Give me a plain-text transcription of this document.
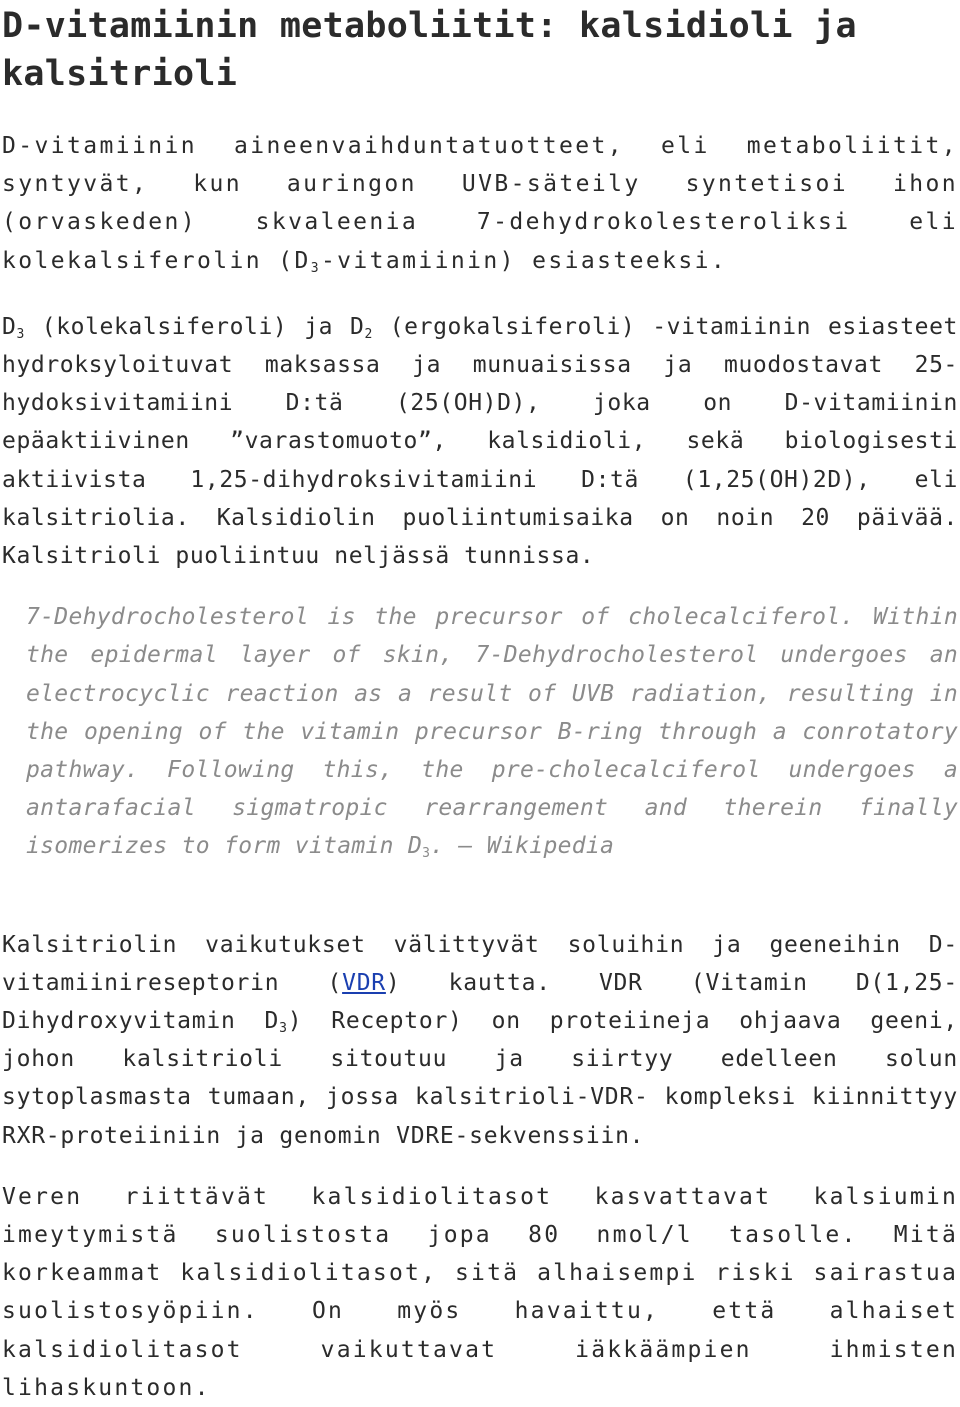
D-vitamiinin metaboliitit: kalsidioli ja kalsitrioli

D-vitamiinin aineenvaihduntatuotteet, eli metaboliitit, syntyvät, kun auringon UVB-säteily syntetisoi ihon (orvaskeden) skvaleenia 7-dehydrokolesteroliksi eli kolekalsiferolin $(D_3-vitamiinin)$ esiasteeksi.

$D_3$ (kolekalsiferoli) ja $D_2$ (ergokalsiferoli) -vitamiinin esiasteet hydroksyloituvat maksassa ja munuaisissa ja muodostavat 25-hydoksivitamiini D:tä (25(OH)D), joka on D-vitamiinin epäaktiivinen ”varastomuoto”, kalsidioli, sekä biologisesti aktiivista 1,25-dihydroksivitamiini D:tä (1,25(OH)2D), eli kalsitriolia. Kalsidiolin puoliintumisaika on noin 20 päivää. Kalsitrioli puoliintuu neljässä tunnissa.

7-Dehydrocholesterol is the precursor of cholecalciferol. Within the epidermal layer of skin, 7-Dehydrocholesterol undergoes an electrocyclic reaction as a result of UVB radiation, resulting in the opening of the vitamin precursor B-ring through a conrotatory pathway. Following this, the pre-cholecalciferol undergoes a antarafacial sigmatropic rearrangement and therein finally isomerizes to form vitamin $D_3$. — Wikipedia

Kalsitriolin vaikutukset välittyvät soluihin ja geeneihin D-vitamiinireseptorin (VDR) kautta. VDR (Vitamin D(1,25-Dihydroxyvitamin $D_3$) Receptor) on proteiineja ohjaava geeni, johon kalsitrioli sitoutuu ja siirtyy edelleen solun sytoplasmasta tumaan, jossa kalsitrioli-VDR- kompleksi kiinnittyy RXR-proteiiniin ja genomin VDRE-sekvenssiin.

Veren riittävät kalsidiolitasot kasvattavat kalsiumin imeytymistä suolistosta jopa 80 nmol/l tasolle. Mitä korkeammat kalsidiolitasot, sitä alhaisempi riski sairastua suolistosyöpiin. On myös havaittu, että alhaiset kalsidiolitasot vaikuttavat iäkkäämpien ihmisten lihaskuntoon.
